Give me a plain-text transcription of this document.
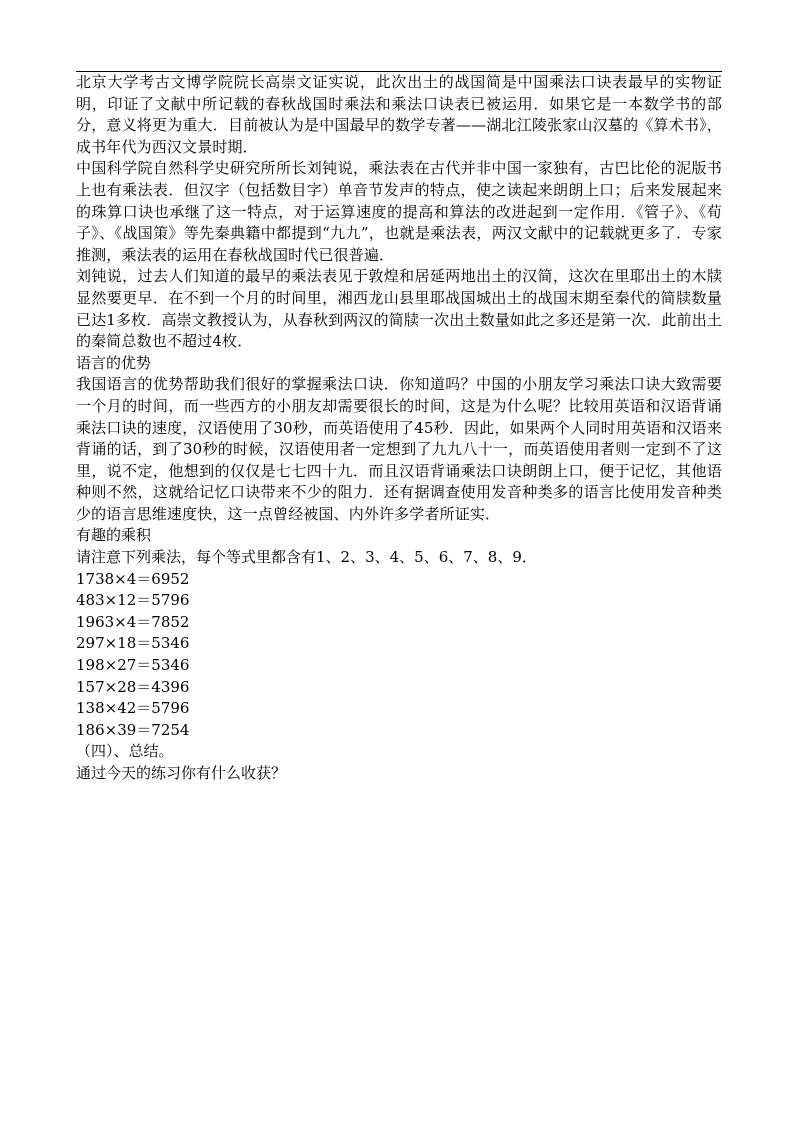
北京大学考古文博学院院长高崇文证实说，此次出土的战国简是中国乘法口诀表最早的实物证明，印证了文献中所记载的春秋战国时乘法和乘法口诀表已被运用．如果它是一本数学书的部分，意义将更为重大．目前被认为是中国最早的数学专著——湖北江陵张家山汉墓的《算术书》，成书年代为西汉文景时期．

中国科学院自然科学史研究所所长刘钝说，乘法表在古代并非中国一家独有，古巴比伦的泥版书上也有乘法表．但汉字（包括数目字）单音节发声的特点，使之读起来朗朗上口；后来发展起来的珠算口诀也承继了这一特点，对于运算速度的提高和算法的改进起到一定作用．《管子》、《荀子》、《战国策》等先秦典籍中都提到“九九”，也就是乘法表，两汉文献中的记载就更多了．专家推测，乘法表的运用在春秋战国时代已很普遍．

刘钝说，过去人们知道的最早的乘法表见于敦煌和居延两地出土的汉简，这次在里耶出土的木牍显然要更早．在不到一个月的时间里，湘西龙山县里耶战国城出土的战国末期至秦代的简牍数量已达1多枚．高崇文教授认为，从春秋到两汉的简牍一次出土数量如此之多还是第一次．此前出土的秦简总数也不超过4枚．

语言的优势

我国语言的优势帮助我们很好的掌握乘法口诀．你知道吗？中国的小朋友学习乘法口诀大致需要一个月的时间，而一些西方的小朋友却需要很长的时间，这是为什么呢？比较用英语和汉语背诵乘法口诀的速度，汉语使用了30秒，而英语使用了45秒．因此，如果两个人同时用英语和汉语来背诵的话，到了30秒的时候，汉语使用者一定想到了九九八十一，而英语使用者则一定到不了这里，说不定，他想到的仅仅是七七四十九．而且汉语背诵乘法口诀朗朗上口，便于记忆，其他语种则不然，这就给记忆口诀带来不少的阻力．还有据调查使用发音种类多的语言比使用发音种类少的语言思维速度快，这一点曾经被国、内外许多学者所证实．

有趣的乘积

请注意下列乘法，每个等式里都含有1、2、3、4、5、6、7、8、9．

1738×4＝6952
483×12＝5796
1963×4＝7852
297×18＝5346
198×27＝5346
157×28＝4396
138×42＝5796
186×39＝7254

（四）、总结。

通过今天的练习你有什么收获？
